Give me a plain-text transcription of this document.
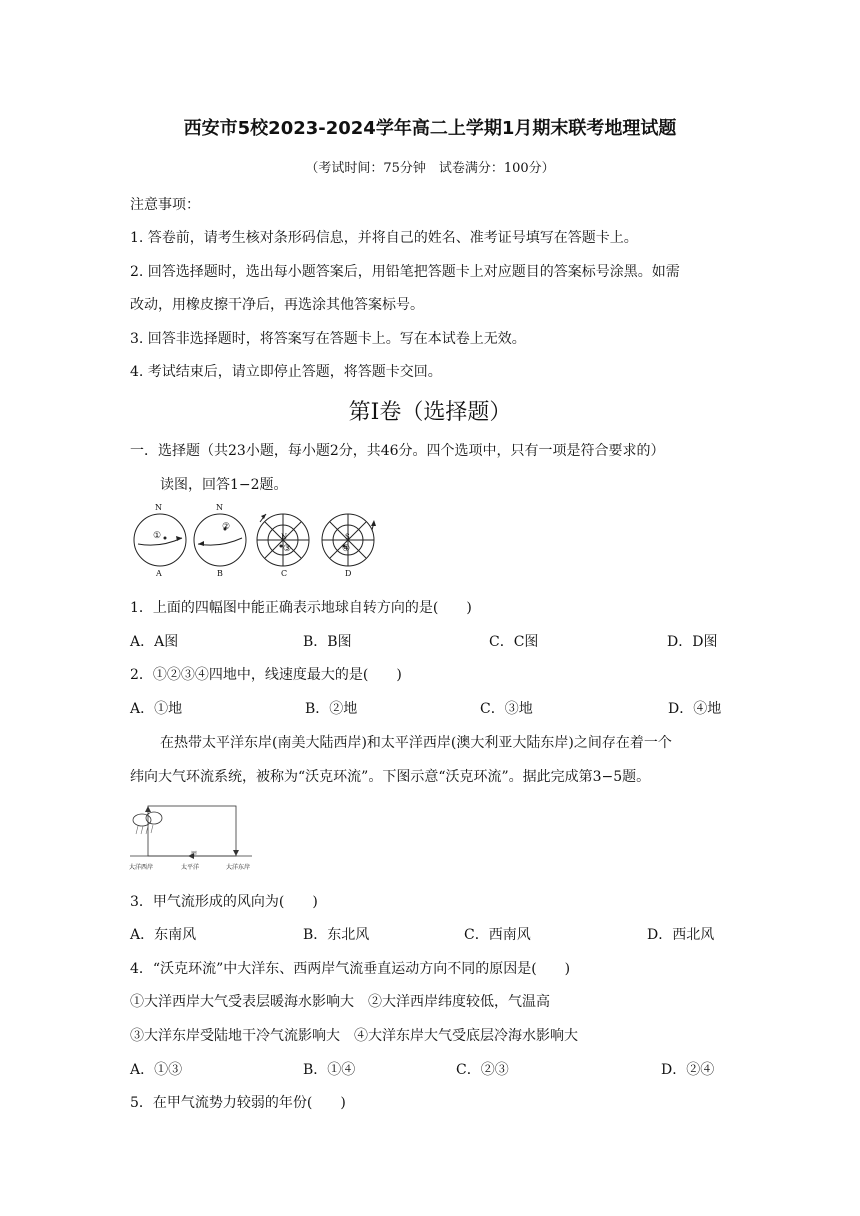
西安市5校2023-2024学年高二上学期1月期末联考地理试题
（考试时间：75分钟　试卷满分：100分）
注意事项：
1. 答卷前，请考生核对条形码信息，并将自己的姓名、准考证号填写在答题卡上。
2. 回答选择题时，选出每小题答案后，用铅笔把答题卡上对应题目的答案标号涂黑。如需
改动，用橡皮擦干净后，再选涂其他答案标号。
3. 回答非选择题时，将答案写在答题卡上。写在本试卷上无效。
4. 考试结束后，请立即停止答题，将答题卡交回。
第Ⅰ卷（选择题）
一．选择题（共23小题，每小题2分，共46分。四个选项中，只有一项是符合要求的）
读图，回答1−2题。
N	N
N	S
①
②
③	④
A	B	C	D
1．上面的四幅图中能正确表示地球自转方向的是(　　)
A．A图	B．B图	C．C图	D．D图
2．①②③④四地中，线速度最大的是(　　)
A．①地	B．②地	C．③地	D．④地
在热带太平洋东岸(南美大陆西岸)和太平洋西岸(澳大利亚大陆东岸)之间存在着一个
纬向大气环流系统，被称为“沃克环流”。下图示意“沃克环流”。据此完成第3−5题。
大洋西岸	太平洋	大洋东岸
甲
3．甲气流形成的风向为(　　)
A．东南风	B．东北风	C．西南风	D．西北风
4．“沃克环流”中大洋东、西两岸气流垂直运动方向不同的原因是(　　)
①大洋西岸大气受表层暖海水影响大　②大洋西岸纬度较低，气温高
③大洋东岸受陆地干冷气流影响大　④大洋东岸大气受底层冷海水影响大
A．①③	B．①④	C．②③	D．②④
5．在甲气流势力较弱的年份(　　)
